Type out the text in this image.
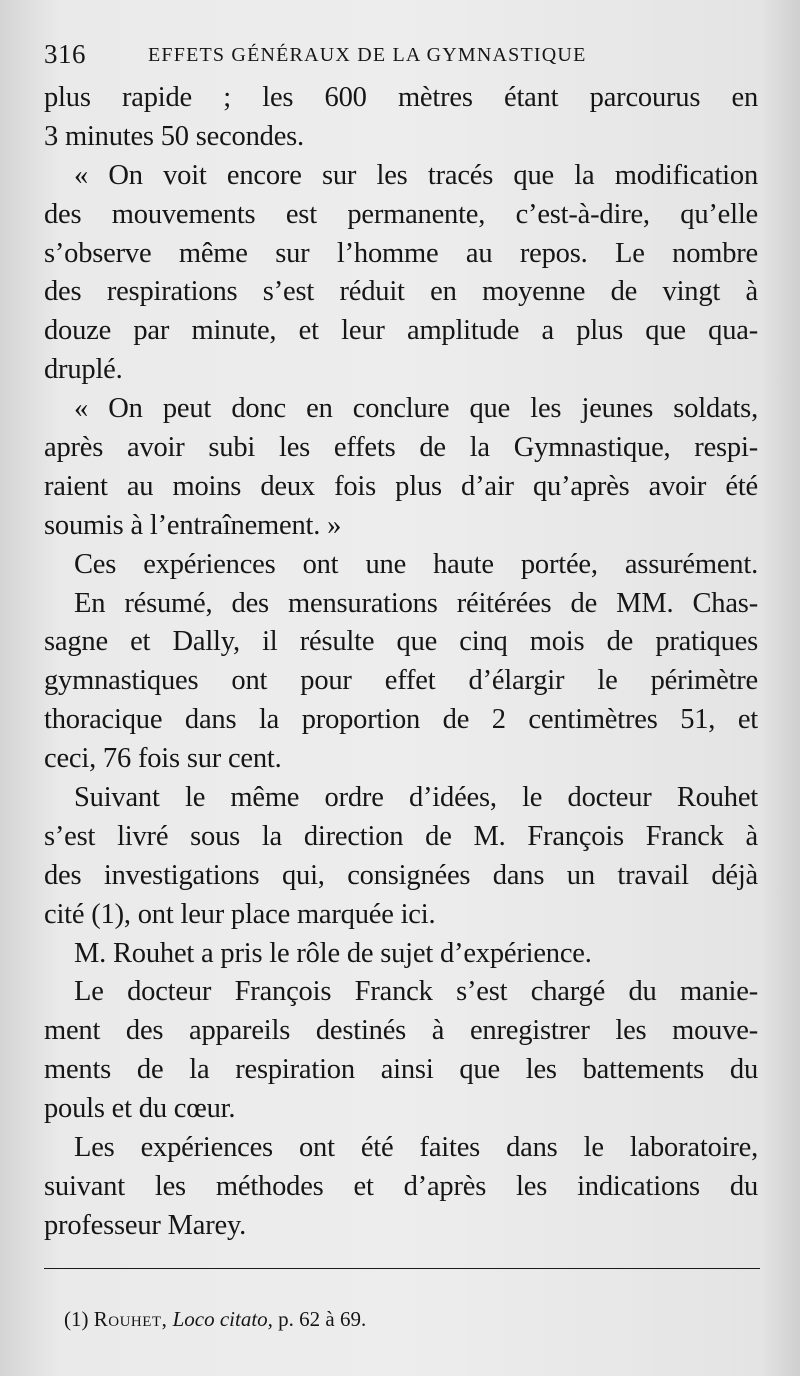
316	EFFETS GÉNÉRAUX DE LA GYMNASTIQUE
plus rapide ; les 600 mètres étant parcourus en
3 minutes 50 secondes.
« On voit encore sur les tracés que la modification
des mouvements est permanente, c’est-à-dire, qu’elle
s’observe même sur l’homme au repos. Le nombre
des respirations s’est réduit en moyenne de vingt à
douze par minute, et leur amplitude a plus que qua-
druplé.
« On peut donc en conclure que les jeunes soldats,
après avoir subi les effets de la Gymnastique, respi-
raient au moins deux fois plus d’air qu’après avoir été
soumis à l’entraînement. »
Ces expériences ont une haute portée, assurément.
En résumé, des mensurations réitérées de MM. Chas-
sagne et Dally, il résulte que cinq mois de pratiques
gymnastiques ont pour effet d’élargir le périmètre
thoracique dans la proportion de 2 centimètres 51, et
ceci, 76 fois sur cent.
Suivant le même ordre d’idées, le docteur Rouhet
s’est livré sous la direction de M. François Franck à
des investigations qui, consignées dans un travail déjà
cité (1), ont leur place marquée ici.
M. Rouhet a pris le rôle de sujet d’expérience.
Le docteur François Franck s’est chargé du manie-
ment des appareils destinés à enregistrer les mouve-
ments de la respiration ainsi que les battements du
pouls et du cœur.
Les expériences ont été faites dans le laboratoire,
suivant les méthodes et d’après les indications du
professeur Marey.
(1) Rouhet, Loco citato, p. 62 à 69.
